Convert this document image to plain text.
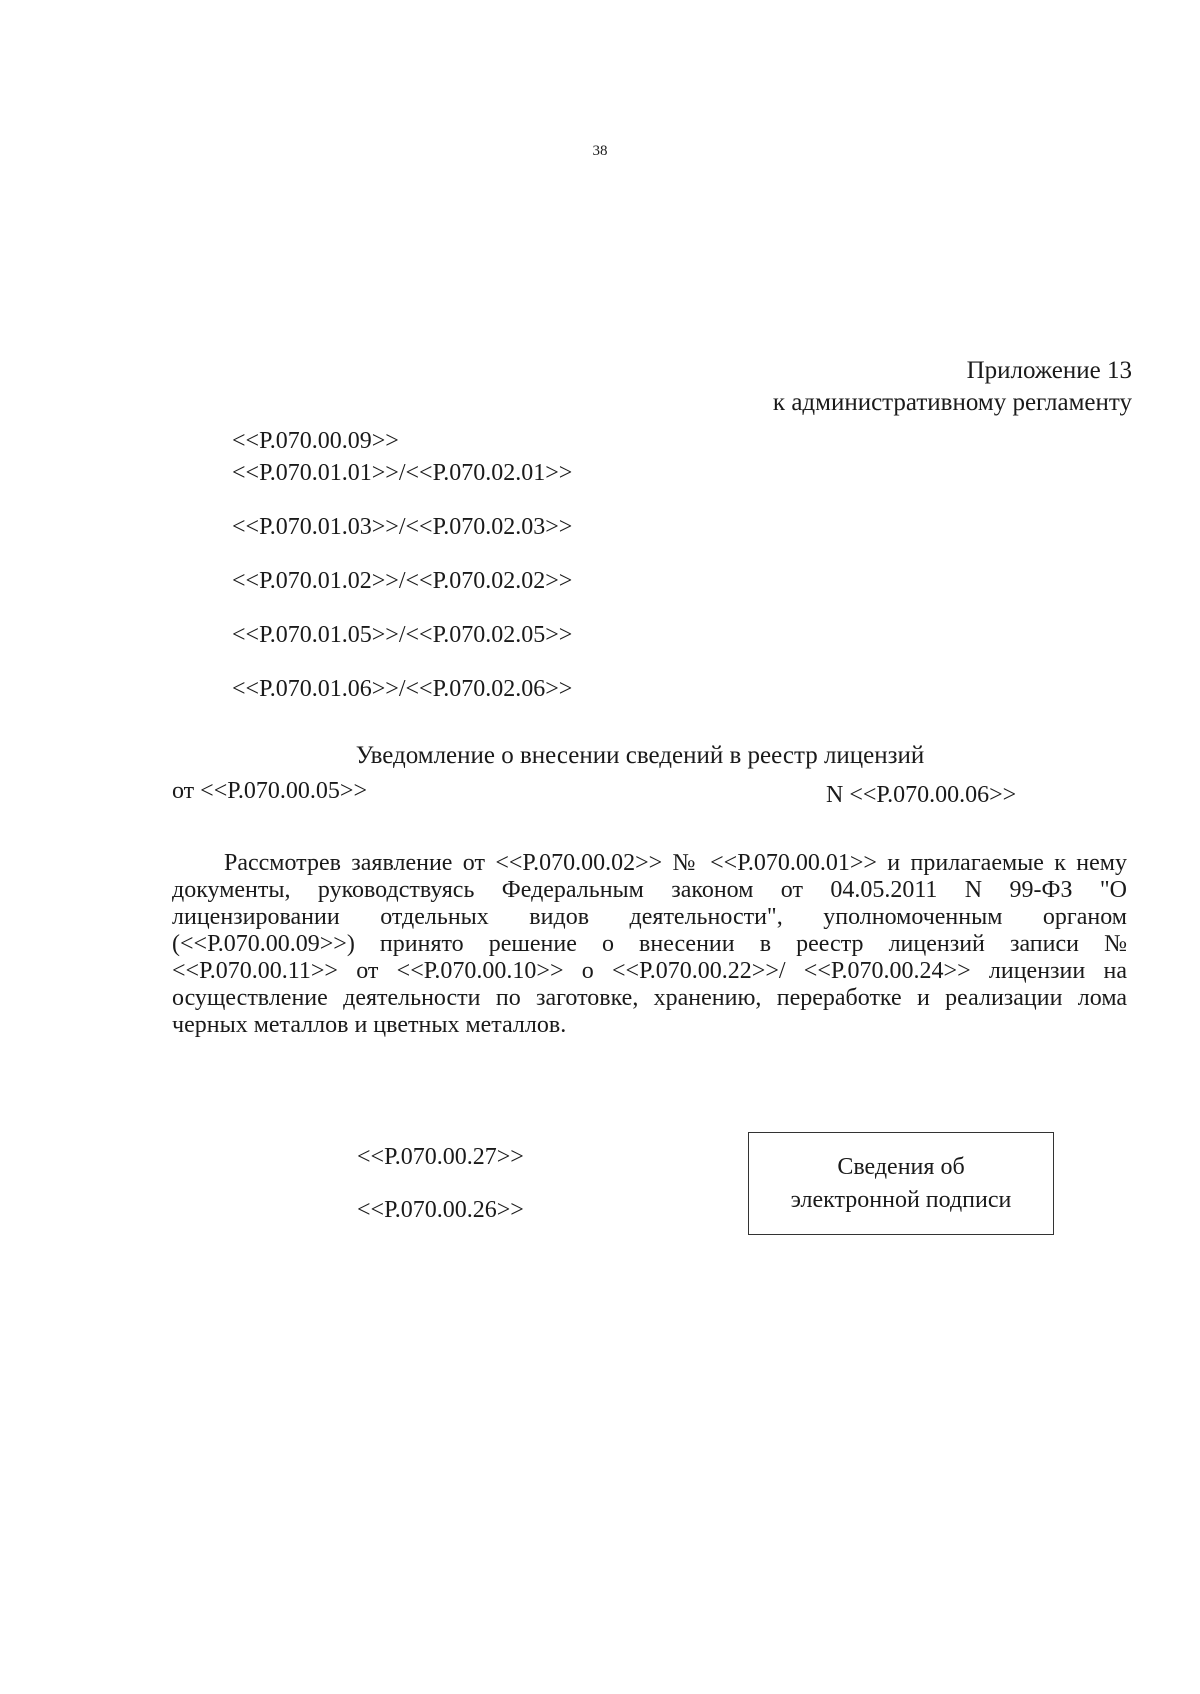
38
Приложение 13
к административному регламенту
<<P.070.00.09>>
<<P.070.01.01>>/<<P.070.02.01>>
<<P.070.01.03>>/<<P.070.02.03>>
<<P.070.01.02>>/<<P.070.02.02>>
<<P.070.01.05>>/<<P.070.02.05>>
<<P.070.01.06>>/<<P.070.02.06>>
Уведомление о внесении сведений в реестр лицензий
от <<P.070.00.05>>	N <<P.070.00.06>>
Рассмотрев заявление от <<P.070.00.02>> № <<P.070.00.01>> и прилагаемые к нему документы, руководствуясь Федеральным законом от 04.05.2011 N 99-ФЗ "О лицензировании отдельных видов деятельности", уполномоченным органом (<<P.070.00.09>>) принято решение о внесении в реестр лицензий записи № <<P.070.00.11>> от <<P.070.00.10>> о <<P.070.00.22>>/ <<P.070.00.24>> лицензии на осуществление деятельности по заготовке, хранению, переработке и реализации лома черных металлов и цветных металлов.
<<P.070.00.27>>
<<P.070.00.26>>
Сведения об
электронной подписи
